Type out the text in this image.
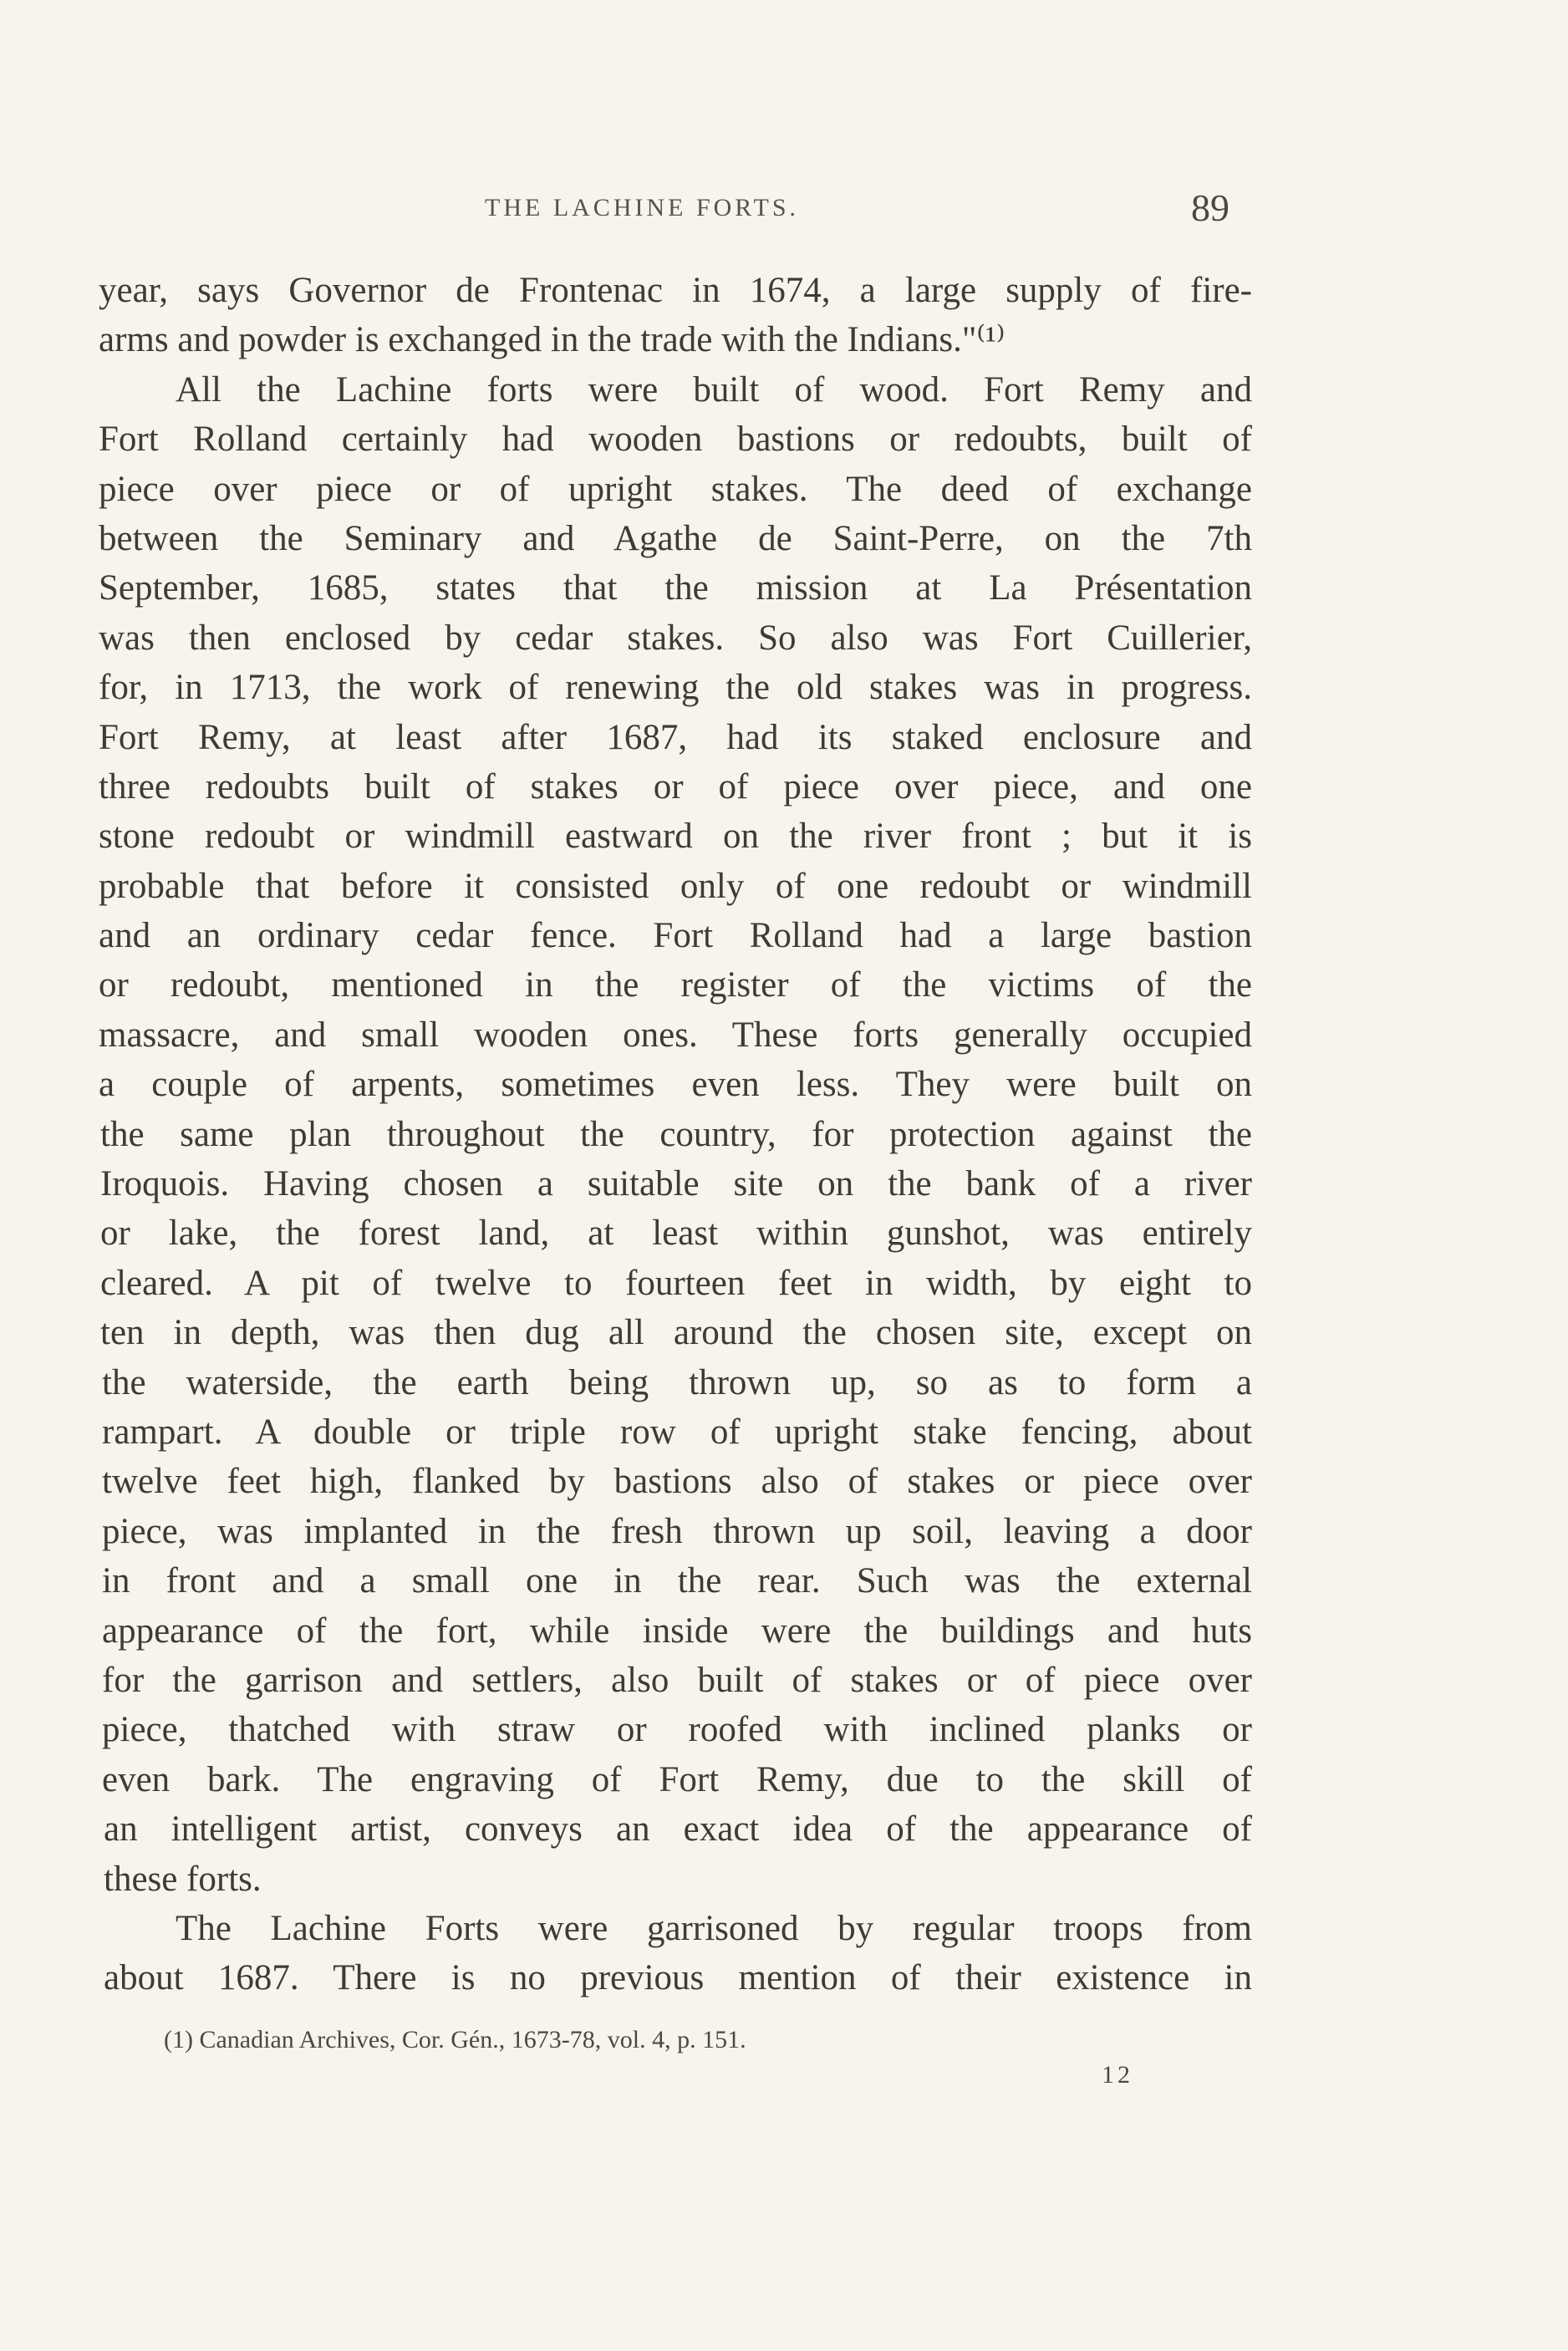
THE LACHINE FORTS.	89
year, says Governor de Frontenac in 1674, a large supply of fire-
arms and powder is exchanged in the trade with the Indians."⁽¹⁾
All the Lachine forts were built of wood. Fort Remy and
Fort Rolland certainly had wooden bastions or redoubts, built of
piece over piece or of upright stakes. The deed of exchange
between the Seminary and Agathe de Saint-Perre, on the 7th
September, 1685, states that the mission at La Présentation
was then enclosed by cedar stakes. So also was Fort Cuillerier,
for, in 1713, the work of renewing the old stakes was in progress.
Fort Remy, at least after 1687, had its staked enclosure and
three redoubts built of stakes or of piece over piece, and one
stone redoubt or windmill eastward on the river front ; but it is
probable that before it consisted only of one redoubt or windmill
and an ordinary cedar fence. Fort Rolland had a large bastion
or redoubt, mentioned in the register of the victims of the
massacre, and small wooden ones. These forts generally occupied
a couple of arpents, sometimes even less. They were built on
the same plan throughout the country, for protection against the
Iroquois. Having chosen a suitable site on the bank of a river
or lake, the forest land, at least within gunshot, was entirely
cleared. A pit of twelve to fourteen feet in width, by eight to
ten in depth, was then dug all around the chosen site, except on
the waterside, the earth being thrown up, so as to form a
rampart. A double or triple row of upright stake fencing, about
twelve feet high, flanked by bastions also of stakes or piece over
piece, was implanted in the fresh thrown up soil, leaving a door
in front and a small one in the rear. Such was the external
appearance of the fort, while inside were the buildings and huts
for the garrison and settlers, also built of stakes or of piece over
piece, thatched with straw or roofed with inclined planks or
even bark. The engraving of Fort Remy, due to the skill of
an intelligent artist, conveys an exact idea of the appearance of
these forts.
The Lachine Forts were garrisoned by regular troops from
about 1687. There is no previous mention of their existence in
(1) Canadian Archives, Cor. Gén., 1673-78, vol. 4, p. 151.
12
